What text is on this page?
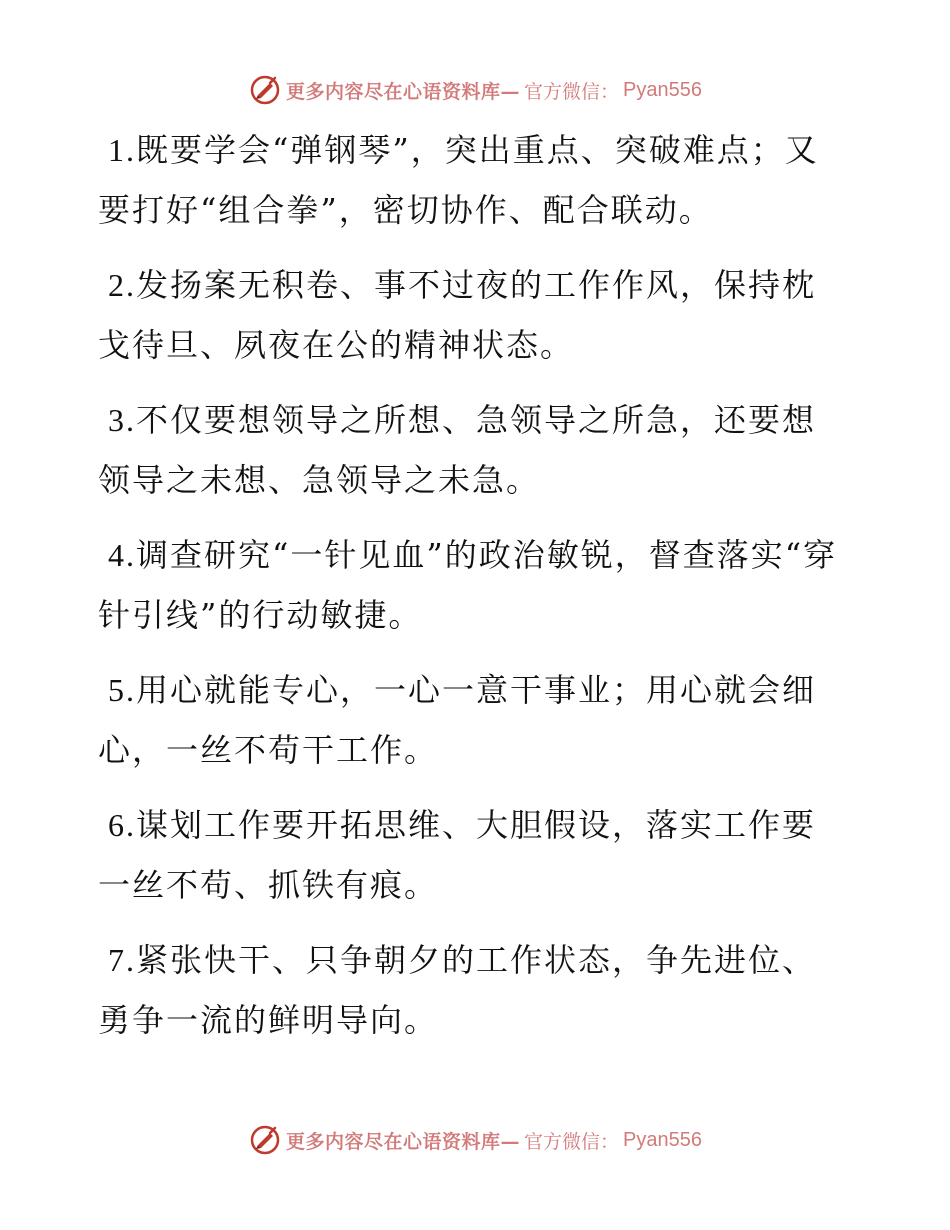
更多内容尽在心语资料库— 官方微信： Pyan556

1.既要学会“弹钢琴”，突出重点、突破难点；又要打好“组合拳”，密切协作、配合联动。

2.发扬案无积卷、事不过夜的工作作风，保持枕戈待旦、夙夜在公的精神状态。

3.不仅要想领导之所想、急领导之所急，还要想领导之未想、急领导之未急。

4.调查研究“一针见血”的政治敏锐，督查落实“穿针引线”的行动敏捷。

5.用心就能专心，一心一意干事业；用心就会细心，一丝不苟干工作。

6.谋划工作要开拓思维、大胆假设，落实工作要一丝不苟、抓铁有痕。

7.紧张快干、只争朝夕的工作状态，争先进位、勇争一流的鲜明导向。

更多内容尽在心语资料库— 官方微信： Pyan556
